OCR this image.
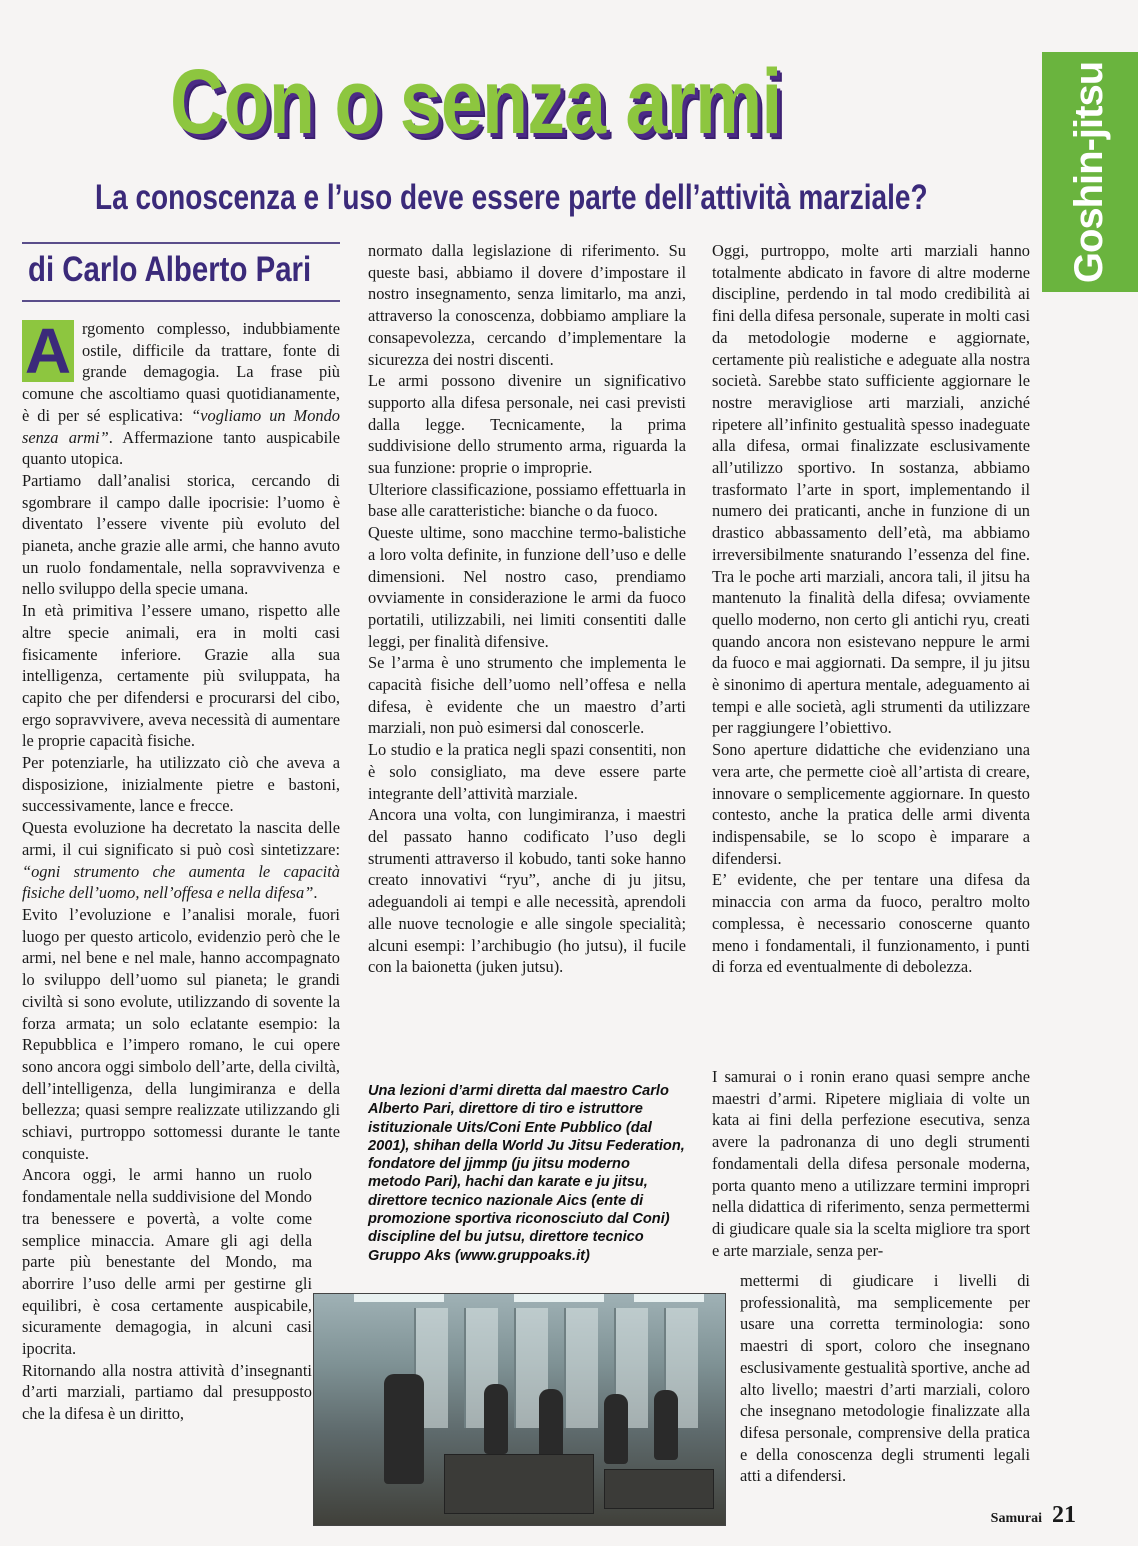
Con o senza armi
La conoscenza e l’uso deve essere parte dell’attività marziale?	Goshin-jitsu
di Carlo Alberto Pari

A rgomento complesso, indubbiamente ostile, difficile da trattare, fonte di grande demagogia. La frase più comune che ascoltiamo quasi quotidianamente, è di per sé esplicativa: “vogliamo un Mondo senza armi”. Affermazione tanto auspicabile quanto utopica.

Partiamo dall’analisi storica, cercando di sgombrare il campo dalle ipocrisie: l’uomo è diventato l’essere vivente più evoluto del pianeta, anche grazie alle armi, che hanno avuto un ruolo fondamentale, nella sopravvivenza e nello sviluppo della specie umana.

In età primitiva l’essere umano, rispetto alle altre specie animali, era in molti casi fisicamente inferiore. Grazie alla sua intelligenza, certamente più sviluppata, ha capito che per difendersi e procurarsi del cibo, ergo sopravvivere, aveva necessità di aumentare le proprie capacità fisiche.

Per potenziarle, ha utilizzato ciò che aveva a disposizione, inizialmente pietre e bastoni, successivamente, lance e frecce.

Questa evoluzione ha decretato la nascita delle armi, il cui significato si può così sintetizzare: “ogni strumento che aumenta le capacità fisiche dell’uomo, nell’offesa e nella difesa”.

Evito l’evoluzione e l’analisi morale, fuori luogo per questo articolo, evidenzio però che le armi, nel bene e nel male, hanno accompagnato lo sviluppo dell’uomo sul pianeta; le grandi civiltà si sono evolute, utilizzando di sovente la forza armata; un solo eclatante esempio: la Repubblica e l’impero romano, le cui opere sono ancora oggi simbolo dell’arte, della civiltà, dell’intelligenza, della lungimiranza e della bellezza; quasi sempre realizzate utilizzando gli schiavi, purtroppo sottomessi durante le tante conquiste.

Ancora oggi, le armi hanno un ruolo fondamentale nella suddivisione del Mondo tra benessere e povertà, a volte come semplice minaccia. Amare gli agi della parte più benestante del Mondo, ma aborrire l’uso delle armi per gestirne gli equilibri, è cosa certamente auspicabile, sicuramente demagogia, in alcuni casi ipocrita.

Ritornando alla nostra attività d’insegnanti d’arti marziali, partiamo dal presupposto che la difesa è un diritto,

normato dalla legislazione di riferimento. Su queste basi, abbiamo il dovere d’impostare il nostro insegnamento, senza limitarlo, ma anzi, attraverso la conoscenza, dobbiamo ampliare la consapevolezza, cercando d’implementare la sicurezza dei nostri discenti.

Le armi possono divenire un significativo supporto alla difesa personale, nei casi previsti dalla legge. Tecnicamente, la prima suddivisione dello strumento arma, riguarda la sua funzione: proprie o improprie.

Ulteriore classificazione, possiamo effettuarla in base alle caratteristiche: bianche o da fuoco.

Queste ultime, sono macchine termo-balistiche a loro volta definite, in funzione dell’uso e delle dimensioni. Nel nostro caso, prendiamo ovviamente in considerazione le armi da fuoco portatili, utilizzabili, nei limiti consentiti dalle leggi, per finalità difensive.

Se l’arma è uno strumento che implementa le capacità fisiche dell’uomo nell’offesa e nella difesa, è evidente che un maestro d’arti marziali, non può esimersi dal conoscerle.

Lo studio e la pratica negli spazi consentiti, non è solo consigliato, ma deve essere parte integrante dell’attività marziale.

Ancora una volta, con lungimiranza, i maestri del passato hanno codificato l’uso degli strumenti attraverso il kobudo, tanti soke hanno creato innovativi “ryu”, anche di ju jitsu, adeguandoli ai tempi e alle necessità, aprendoli alle nuove tecnologie e alle singole specialità; alcuni esempi: l’archibugio (ho jutsu), il fucile con la baionetta (juken jutsu).

Una lezioni d’armi diretta dal maestro Carlo Alberto Pari, direttore di tiro e istruttore istituzionale Uits/Coni Ente Pubblico (dal 2001), shihan della World Ju Jitsu Federation, fondatore del jjmmp (ju jitsu moderno metodo Pari), hachi dan karate e ju jitsu, direttore tecnico nazionale Aics (ente di promozione sportiva riconosciuto dal Coni) discipline del bu jutsu, direttore tecnico Gruppo Aks (www.gruppoaks.it)

Oggi, purtroppo, molte arti marziali hanno totalmente abdicato in favore di altre moderne discipline, perdendo in tal modo credibilità ai fini della difesa personale, superate in molti casi da metodologie moderne e aggiornate, certamente più realistiche e adeguate alla nostra società. Sarebbe stato sufficiente aggiornare le nostre meravigliose arti marziali, anziché ripetere all’infinito gestualità spesso inadeguate alla difesa, ormai finalizzate esclusivamente all’utilizzo sportivo. In sostanza, abbiamo trasformato l’arte in sport, implementando il numero dei praticanti, anche in funzione di un drastico abbassamento dell’età, ma abbiamo irreversibilmente snaturando l’essenza del fine. Tra le poche arti marziali, ancora tali, il jitsu ha mantenuto la finalità della difesa; ovviamente quello moderno, non certo gli antichi ryu, creati quando ancora non esistevano neppure le armi da fuoco e mai aggiornati. Da sempre, il ju jitsu è sinonimo di apertura mentale, adeguamento ai tempi e alle società, agli strumenti da utilizzare per raggiungere l’obiettivo.

Sono aperture didattiche che evidenziano una vera arte, che permette cioè all’artista di creare, innovare o semplicemente aggiornare. In questo contesto, anche la pratica delle armi diventa indispensabile, se lo scopo è imparare a difendersi.

E’ evidente, che per tentare una difesa da minaccia con arma da fuoco, peraltro molto complessa, è necessario conoscerne quanto meno i fondamentali, il funzionamento, i punti di forza ed eventualmente di debolezza.

I samurai o i ronin erano quasi sempre anche maestri d’armi. Ripetere migliaia di volte un kata ai fini della perfezione esecutiva, senza avere la padronanza di uno degli strumenti fondamentali della difesa personale moderna, porta quanto meno a utilizzare termini impropri nella didattica di riferimento, senza permettermi di giudicare quale sia la scelta migliore tra sport e arte marziale, senza per-

mettermi di giudicare i livelli di professionalità, ma semplicemente per usare una corretta terminologia: sono maestri di sport, coloro che insegnano esclusivamente gestualità sportive, anche ad alto livello; maestri d’arti marziali, coloro che insegnano metodologie finalizzate alla difesa personale, comprensive della pratica e della conoscenza degli strumenti legali atti a difendersi.

Samurai 21
